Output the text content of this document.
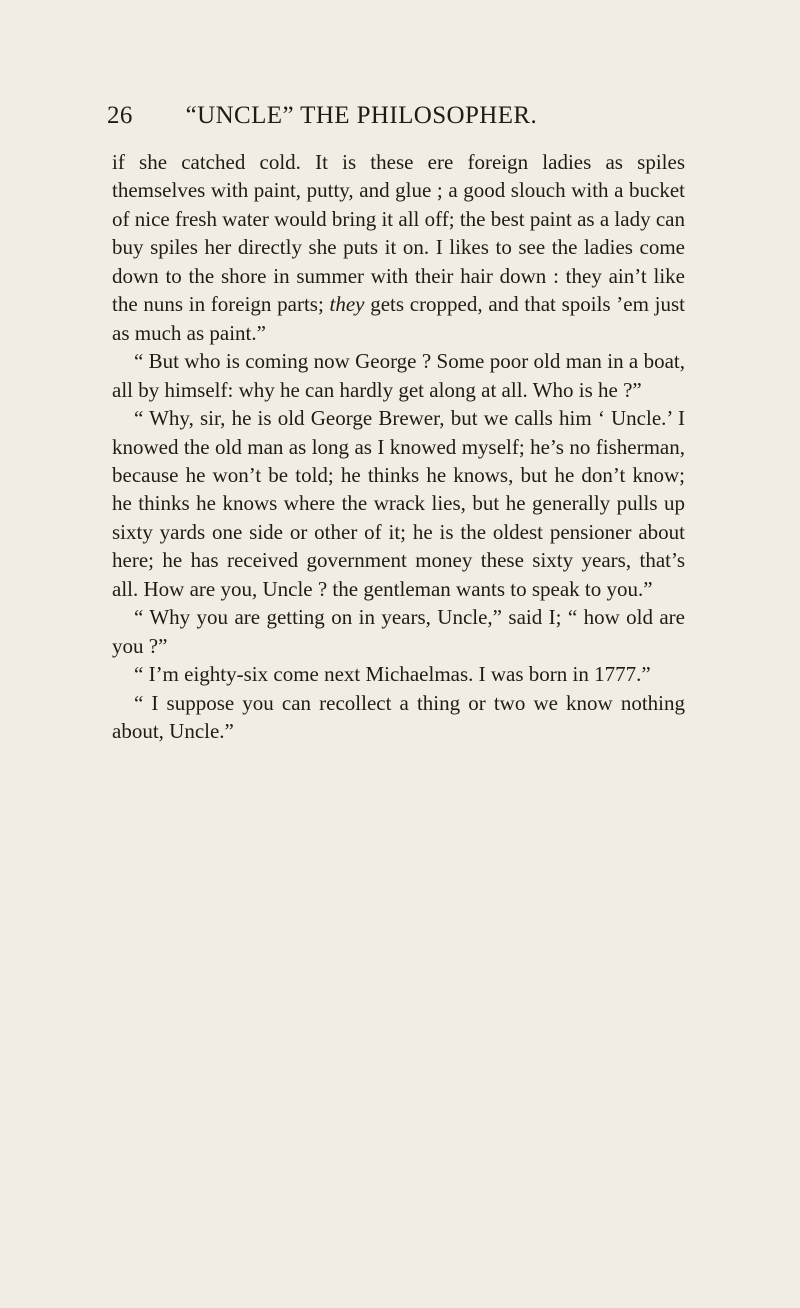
26 “UNCLE” THE PHILOSOPHER.

if she catched cold. It is these ere foreign ladies as spiles themselves with paint, putty, and glue ; a good slouch with a bucket of nice fresh water would bring it all off; the best paint as a lady can buy spiles her directly she puts it on. I likes to see the ladies come down to the shore in summer with their hair down : they ain’t like the nuns in foreign parts; they gets cropped, and that spoils ’em just as much as paint.”

“ But who is coming now George ? Some poor old man in a boat, all by himself: why he can hardly get along at all. Who is he ?”

“ Why, sir, he is old George Brewer, but we calls him ‘ Uncle.’ I knowed the old man as long as I knowed myself; he’s no fisherman, because he won’t be told; he thinks he knows, but he don’t know; he thinks he knows where the wrack lies, but he generally pulls up sixty yards one side or other of it; he is the oldest pensioner about here; he has received government money these sixty years, that’s all. How are you, Uncle ? the gentleman wants to speak to you.”

“ Why you are getting on in years, Uncle,” said I; “ how old are you ?”

“ I’m eighty-six come next Michaelmas. I was born in 1777.”

“ I suppose you can recollect a thing or two we know nothing about, Uncle.”
